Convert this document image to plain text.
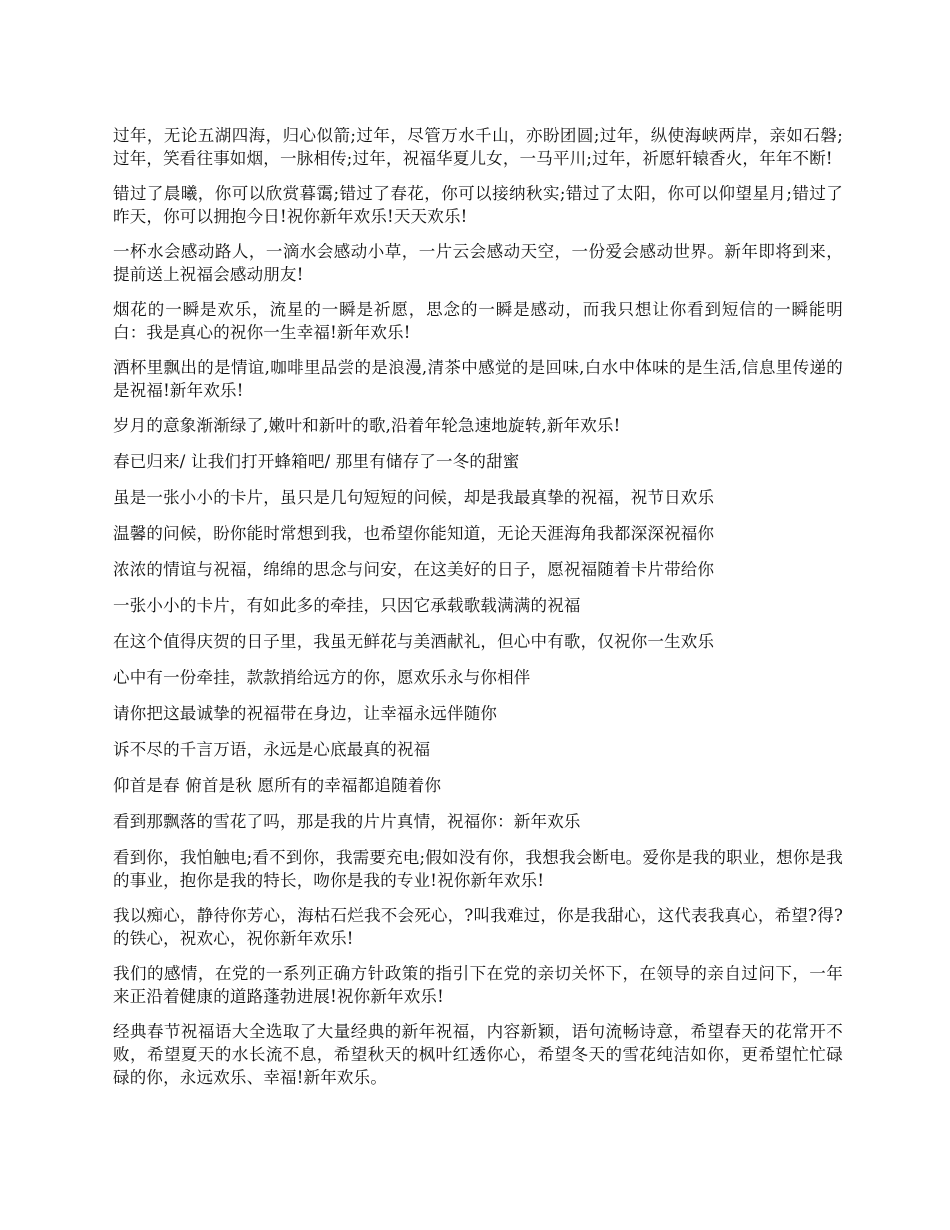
过年，无论五湖四海，归心似箭;过年，尽管万水千山，亦盼团圆;过年，纵使海峡两岸，亲如石磐;过年，笑看往事如烟，一脉相传;过年，祝福华夏儿女，一马平川;过年，祈愿轩辕香火，年年不断!

错过了晨曦，你可以欣赏暮霭;错过了春花，你可以接纳秋实;错过了太阳，你可以仰望星月;错过了昨天，你可以拥抱今日!祝你新年欢乐!天天欢乐!

一杯水会感动路人，一滴水会感动小草，一片云会感动天空，一份爱会感动世界。新年即将到来，提前送上祝福会感动朋友!

烟花的一瞬是欢乐，流星的一瞬是祈愿，思念的一瞬是感动，而我只想让你看到短信的一瞬能明白：我是真心的祝你一生幸福!新年欢乐!

酒杯里飘出的是情谊,咖啡里品尝的是浪漫,清茶中感觉的是回味,白水中体味的是生活,信息里传递的是祝福!新年欢乐!

岁月的意象渐渐绿了,嫩叶和新叶的歌,沿着年轮急速地旋转,新年欢乐!

春已归来/ 让我们打开蜂箱吧/ 那里有储存了一冬的甜蜜

虽是一张小小的卡片，虽只是几句短短的问候，却是我最真挚的祝福，祝节日欢乐

温馨的问候，盼你能时常想到我，也希望你能知道，无论天涯海角我都深深祝福你

浓浓的情谊与祝福，绵绵的思念与问安，在这美好的日子，愿祝福随着卡片带给你

一张小小的卡片，有如此多的牵挂，只因它承载歌载满满的祝福

在这个值得庆贺的日子里，我虽无鲜花与美酒献礼，但心中有歌，仅祝你一生欢乐

心中有一份牵挂，款款捎给远方的你，愿欢乐永与你相伴

请你把这最诚挚的祝福带在身边，让幸福永远伴随你

诉不尽的千言万语，永远是心底最真的祝福

仰首是春 俯首是秋 愿所有的幸福都追随着你

看到那飘落的雪花了吗，那是我的片片真情，祝福你：新年欢乐

看到你，我怕触电;看不到你，我需要充电;假如没有你，我想我会断电。爱你是我的职业，想你是我的事业，抱你是我的特长，吻你是我的专业!祝你新年欢乐!

我以痴心，静待你芳心，海枯石烂我不会死心，?叫我难过，你是我甜心，这代表我真心，希望?得?的铁心，祝欢心，祝你新年欢乐!

我们的感情，在党的一系列正确方针政策的指引下在党的亲切关怀下，在领导的亲自过问下，一年来正沿着健康的道路蓬勃进展!祝你新年欢乐!

经典春节祝福语大全选取了大量经典的新年祝福，内容新颖，语句流畅诗意，希望春天的花常开不败，希望夏天的水长流不息，希望秋天的枫叶红透你心，希望冬天的雪花纯洁如你，更希望忙忙碌碌的你，永远欢乐、幸福!新年欢乐。
